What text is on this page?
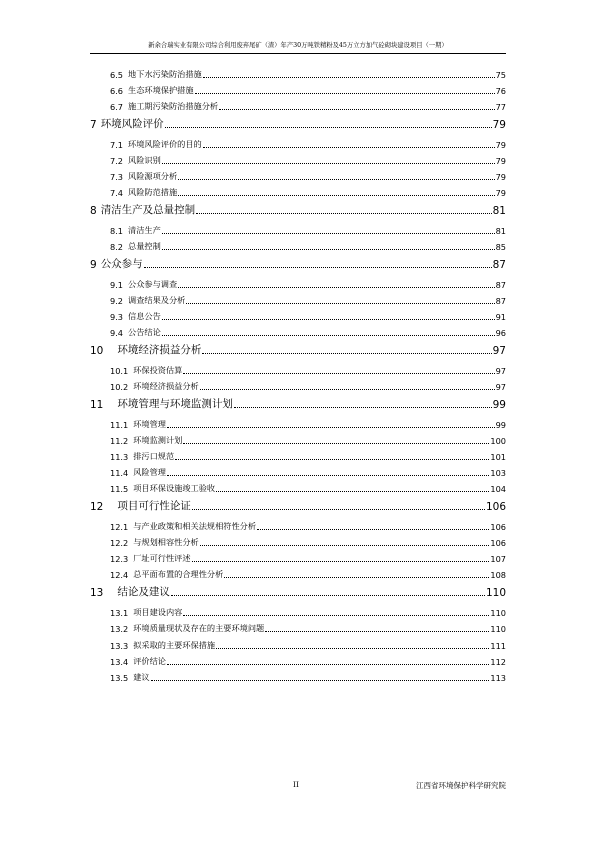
新余合瑞实业有限公司综合利用废弃尾矿（渣）年产30万吨铁精粉及45万立方加气砼砌块建设项目（一期）
6.5 地下水污染防治措施	75
6.6 生态环境保护措施	76
6.7 施工期污染防治措施分析	77
7 环境风险评价	79
7.1 环境风险评价的目的	79
7.2 风险识别	79
7.3 风险源项分析	79
7.4 风险防范措施	79
8 清洁生产及总量控制	81
8.1 清洁生产	81
8.2 总量控制	85
9 公众参与	87
9.1 公众参与调查	87
9.2 调查结果及分析	87
9.3 信息公告	91
9.4 公告结论	96
10 环境经济损益分析	97
10.1 环保投资估算	97
10.2 环境经济损益分析	97
11 环境管理与环境监测计划	99
11.1 环境管理	99
11.2 环境监测计划	100
11.3 排污口规范	101
11.4 风险管理	103
11.5 项目环保设施竣工验收	104
12 项目可行性论证	106
12.1 与产业政策和相关法规相符性分析	106
12.2 与规划相容性分析	106
12.3 厂址可行性评述	107
12.4 总平面布置的合理性分析	108
13 结论及建议	110
13.1 项目建设内容	110
13.2 环境质量现状及存在的主要环境问题	110
13.3 拟采取的主要环保措施	111
13.4 评价结论	112
13.5 建议	113
II	江西省环境保护科学研究院
